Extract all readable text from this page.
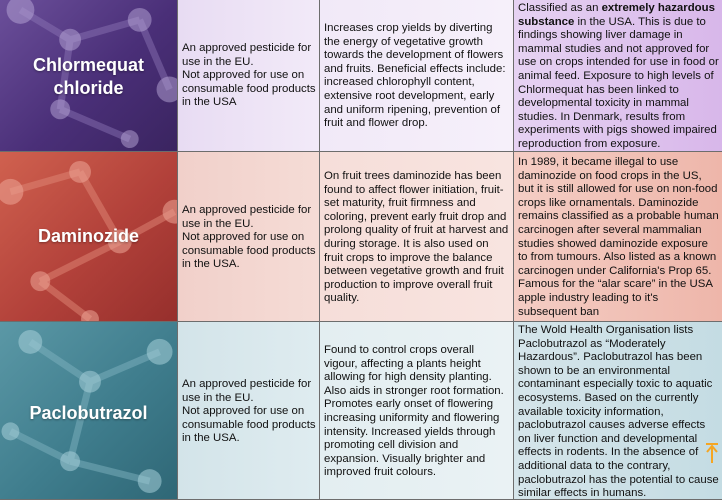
Chlormequat
chloride
An approved pesticide for use in the EU.
Not approved for use on consumable food products in the USA
Increases crop yields by diverting the energy of vegetative growth towards the development of flowers and fruits. Beneficial effects include: increased chlorophyll content, extensive root development, early and uniform ripening, prevention of fruit and flower drop.
Classified as an extremely hazardous substance in the USA. This is due to findings showing liver damage in mammal studies and not approved for use on crops intended for use in food or animal feed. Exposure to high levels of Chlormequat has been linked to developmental toxicity in mammal studies. In Denmark, results from experiments with pigs showed impaired reproduction from exposure.
Daminozide
An approved pesticide for use in the EU.
Not approved for use on consumable food products in the USA.
On fruit trees daminozide has been found to affect flower initiation, fruit-set maturity, fruit firmness and coloring, prevent early fruit drop and prolong quality of fruit at harvest and during storage. It is also used on fruit crops to improve the balance between vegetative growth and fruit production to improve overall fruit quality.
In 1989, it became illegal to use daminozide on food crops in the US, but it is still allowed for use on non-food crops like ornamentals. Daminozide remains classified as a probable human carcinogen after several mammalian studies showed daminozide exposure to from tumours. Also listed as a known carcinogen under California's Prop 65. Famous for the “alar scare” in the USA apple industry leading to it's subsequent ban
Paclobutrazol
An approved pesticide for use in the EU.
Not approved for use on consumable food products in the USA.
Found to control crops overall vigour, affecting a plants height allowing for high density planting. Also aids in stronger root formation. Promotes early onset of flowering increasing uniformity and flowering intensity. Increased yields through promoting cell division and expansion. Visually brighter and improved fruit colours.
The Wold Health Organisation lists Paclobutrazol as “Moderately Hazardous”. Paclobutrazol has been shown to be an environmental contaminant especially toxic to aquatic ecosystems. Based on the currently available toxicity information, paclobutrazol causes adverse effects on liver function and developmental effects in rodents. In the absence of additional data to the contrary, paclobutrazol has the potential to cause similar effects in humans.
